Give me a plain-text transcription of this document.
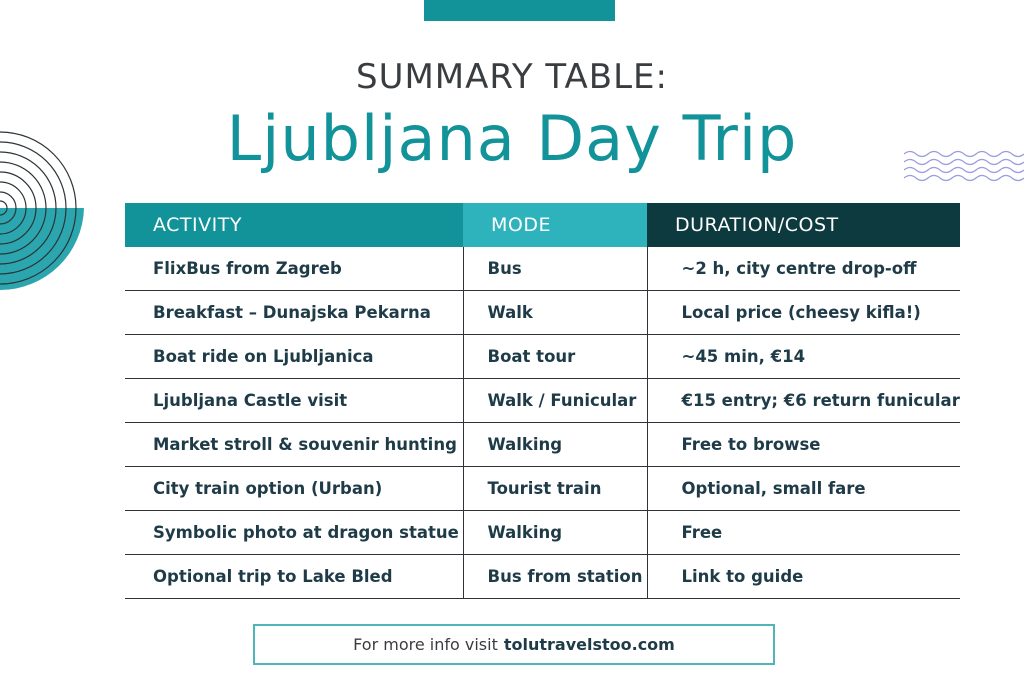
SUMMARY TABLE:
Ljubljana Day Trip
ACTIVITY	MODE	DURATION/COST
FlixBus from Zagreb	Bus	~2 h, city centre drop-off
Breakfast – Dunajska Pekarna	Walk	Local price (cheesy kifla!)
Boat ride on Ljubljanica	Boat tour	~45 min, €14
Ljubljana Castle visit	Walk / Funicular	€15 entry; €6 return funicular
Market stroll & souvenir hunting	Walking	Free to browse
City train option (Urban)	Tourist train	Optional, small fare
Symbolic photo at dragon statue	Walking	Free
Optional trip to Lake Bled	Bus from station	Link to guide
For more info visit tolutravelstoo.com
